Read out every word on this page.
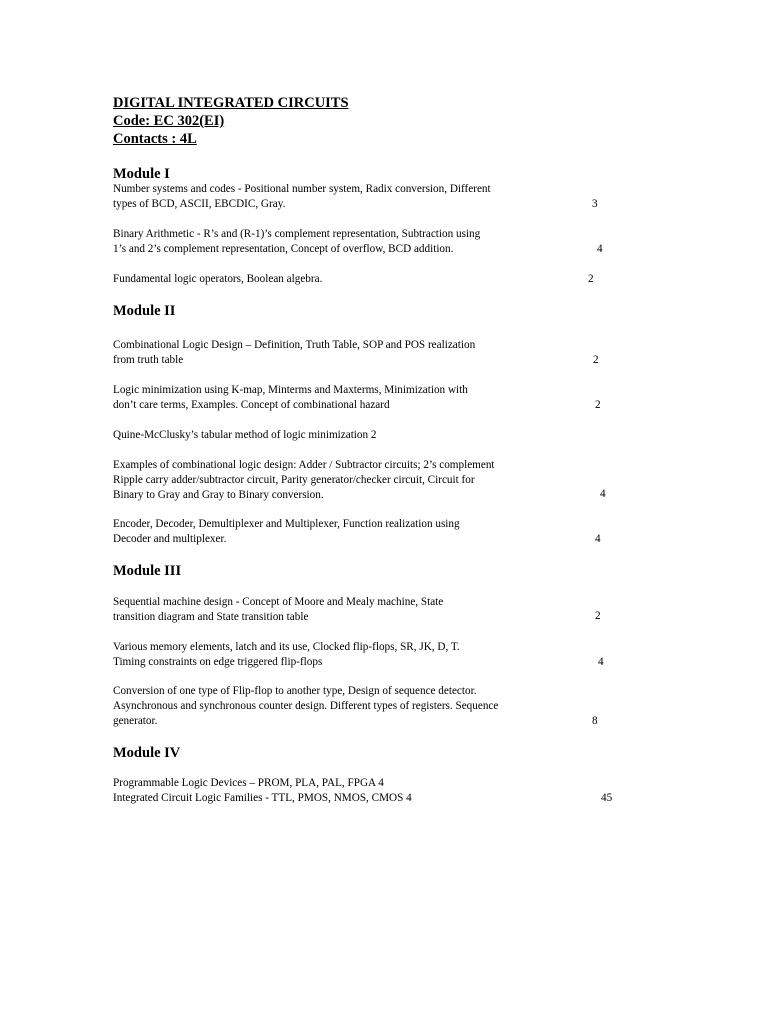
DIGITAL INTEGRATED CIRCUITS
Code: EC 302(EI)
Contacts : 4L
Module I
Number systems and codes - Positional number system, Radix conversion, Different
types of BCD, ASCII, EBCDIC, Gray.	3
Binary Arithmetic - R’s and (R-1)’s complement representation, Subtraction using
1’s and 2’s complement representation, Concept of overflow, BCD addition.	4
Fundamental logic operators, Boolean algebra.	2
Module II
Combinational Logic Design – Definition, Truth Table, SOP and POS realization
from truth table	2
Logic minimization using K-map, Minterms and Maxterms, Minimization with
don’t care terms, Examples. Concept of combinational hazard	2
Quine-McClusky’s tabular method of logic minimization 2
Examples of combinational logic design: Adder / Subtractor circuits; 2’s complement
Ripple carry adder/subtractor circuit, Parity generator/checker circuit, Circuit for
Binary to Gray and Gray to Binary conversion.	4
Encoder, Decoder, Demultiplexer and Multiplexer, Function realization using
Decoder and multiplexer.	4
Module III
Sequential machine design - Concept of Moore and Mealy machine, State
transition diagram and State transition table	2
Various memory elements, latch and its use, Clocked flip-flops, SR, JK, D, T.
Timing constraints on edge triggered flip-flops	4
Conversion of one type of Flip-flop to another type, Design of sequence detector.
Asynchronous and synchronous counter design. Different types of registers. Sequence
generator.	8
Module IV
Programmable Logic Devices – PROM, PLA, PAL, FPGA 4
Integrated Circuit Logic Families - TTL, PMOS, NMOS, CMOS 4	45
